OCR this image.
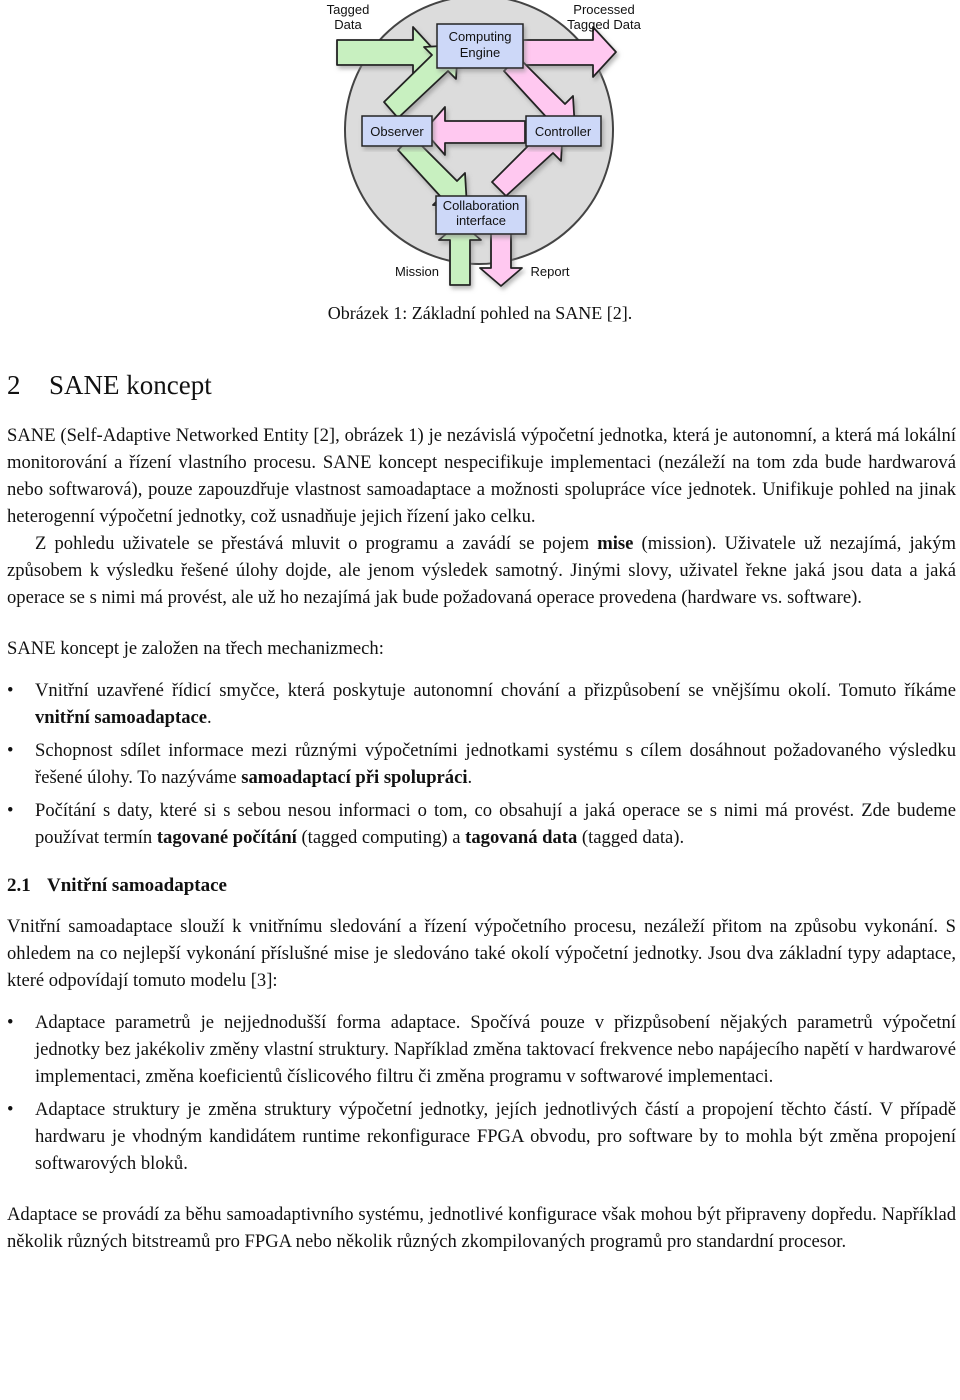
Tagged
Data
Processed
Tagged Data
Computing
Engine
Observer	Controller
Collaboration
interface
Mission	Report

Obrázek 1: Základní pohled na SANE [2].

2 SANE koncept

SANE (Self-Adaptive Networked Entity [2], obrázek 1) je nezávislá výpočetní jednotka, která je autonomní, a která má lokální monitorování a řízení vlastního procesu. SANE koncept nespecifikuje implementaci (nezáleží na tom zda bude hardwarová nebo softwarová), pouze zapouzdřuje vlastnost samoadaptace a možnosti spolupráce více jednotek. Unifikuje pohled na jinak heterogenní výpočetní jednotky, což usnadňuje jejich řízení jako celku.

Z pohledu uživatele se přestává mluvit o programu a zavádí se pojem mise (mission). Uživatele už nezajímá, jakým způsobem k výsledku řešené úlohy dojde, ale jenom výsledek samotný. Jinými slovy, uživatel řekne jaká jsou data a jaká operace se s nimi má provést, ale už ho nezajímá jak bude požadovaná operace provedena (hardware vs. software).

SANE koncept je založen na třech mechanizmech:

• Vnitřní uzavřené řídicí smyčce, která poskytuje autonomní chování a přizpůsobení se vnějšímu okolí. Tomuto říkáme vnitřní samoadaptace.
• Schopnost sdílet informace mezi různými výpočetními jednotkami systému s cílem dosáhnout požadovaného výsledku řešené úlohy. To nazýváme samoadaptací při spolupráci.
• Počítání s daty, které si s sebou nesou informaci o tom, co obsahují a jaká operace se s nimi má provést. Zde budeme používat termín tagované počítání (tagged computing) a tagovaná data (tagged data).
2.1 Vnitřní samoadaptace

Vnitřní samoadaptace slouží k vnitřnímu sledování a řízení výpočetního procesu, nezáleží přitom na způsobu vykonání. S ohledem na co nejlepší vykonání příslušné mise je sledováno také okolí výpočetní jednotky. Jsou dva základní typy adaptace, které odpovídají tomuto modelu [3]:

• Adaptace parametrů je nejjednodušší forma adaptace. Spočívá pouze v přizpůsobení nějakých parametrů výpočetní jednotky bez jakékoliv změny vlastní struktury. Například změna taktovací frekvence nebo napájecího napětí v hardwarové implementaci, změna koeficientů číslicového filtru či změna programu v softwarové implementaci.
• Adaptace struktury je změna struktury výpočetní jednotky, jejích jednotlivých částí a propojení těchto částí. V případě hardwaru je vhodným kandidátem runtime rekonfigurace FPGA obvodu, pro software by to mohla být změna propojení softwarových bloků.

Adaptace se provádí za běhu samoadaptivního systému, jednotlivé konfigurace však mohou být připraveny dopředu. Například několik různých bitstreamů pro FPGA nebo několik různých zkompilovaných programů pro standardní procesor.
